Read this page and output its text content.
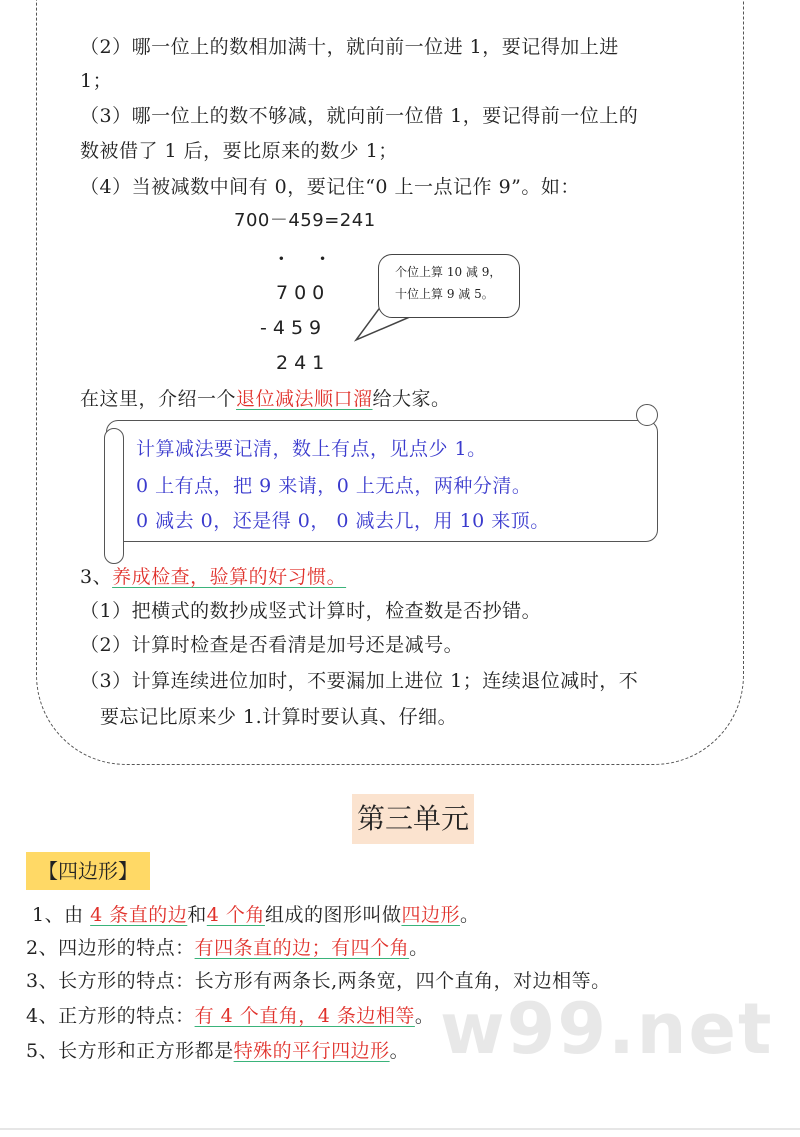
（2）哪一位上的数相加满十，就向前一位进 1，要记得加上进
1；
（3）哪一位上的数不够减，就向前一位借 1，要记得前一位上的
数被借了 1 后，要比原来的数少 1；
（4）当被减数中间有 0，要记住“0 上一点记作 9”。如：
700－459=241
· ·
700
-459
241
个位上算 10 减 9，
十位上算 9 减 5。
在这里，介绍一个退位减法顺口溜给大家。
计算减法要记清，数上有点，见点少 1。
0 上有点，把 9 来请，0 上无点，两种分清。
0 减去 0，还是得 0， 0 减去几，用 10 来顶。
3、养成检查，验算的好习惯。
（1）把横式的数抄成竖式计算时，检查数是否抄错。
（2）计算时检查是否看清是加号还是减号。
（3）计算连续进位加时，不要漏加上进位 1；连续退位减时，不
要忘记比原来少 1.计算时要认真、仔细。
第三单元
【四边形】
1、由 4 条直的边和4 个角组成的图形叫做四边形。
2、四边形的特点：有四条直的边；有四个角。
3、长方形的特点：长方形有两条长,两条宽，四个直角，对边相等。
4、正方形的特点：有 4 个直角，4 条边相等。
5、长方形和正方形都是特殊的平行四边形。 w99.net
